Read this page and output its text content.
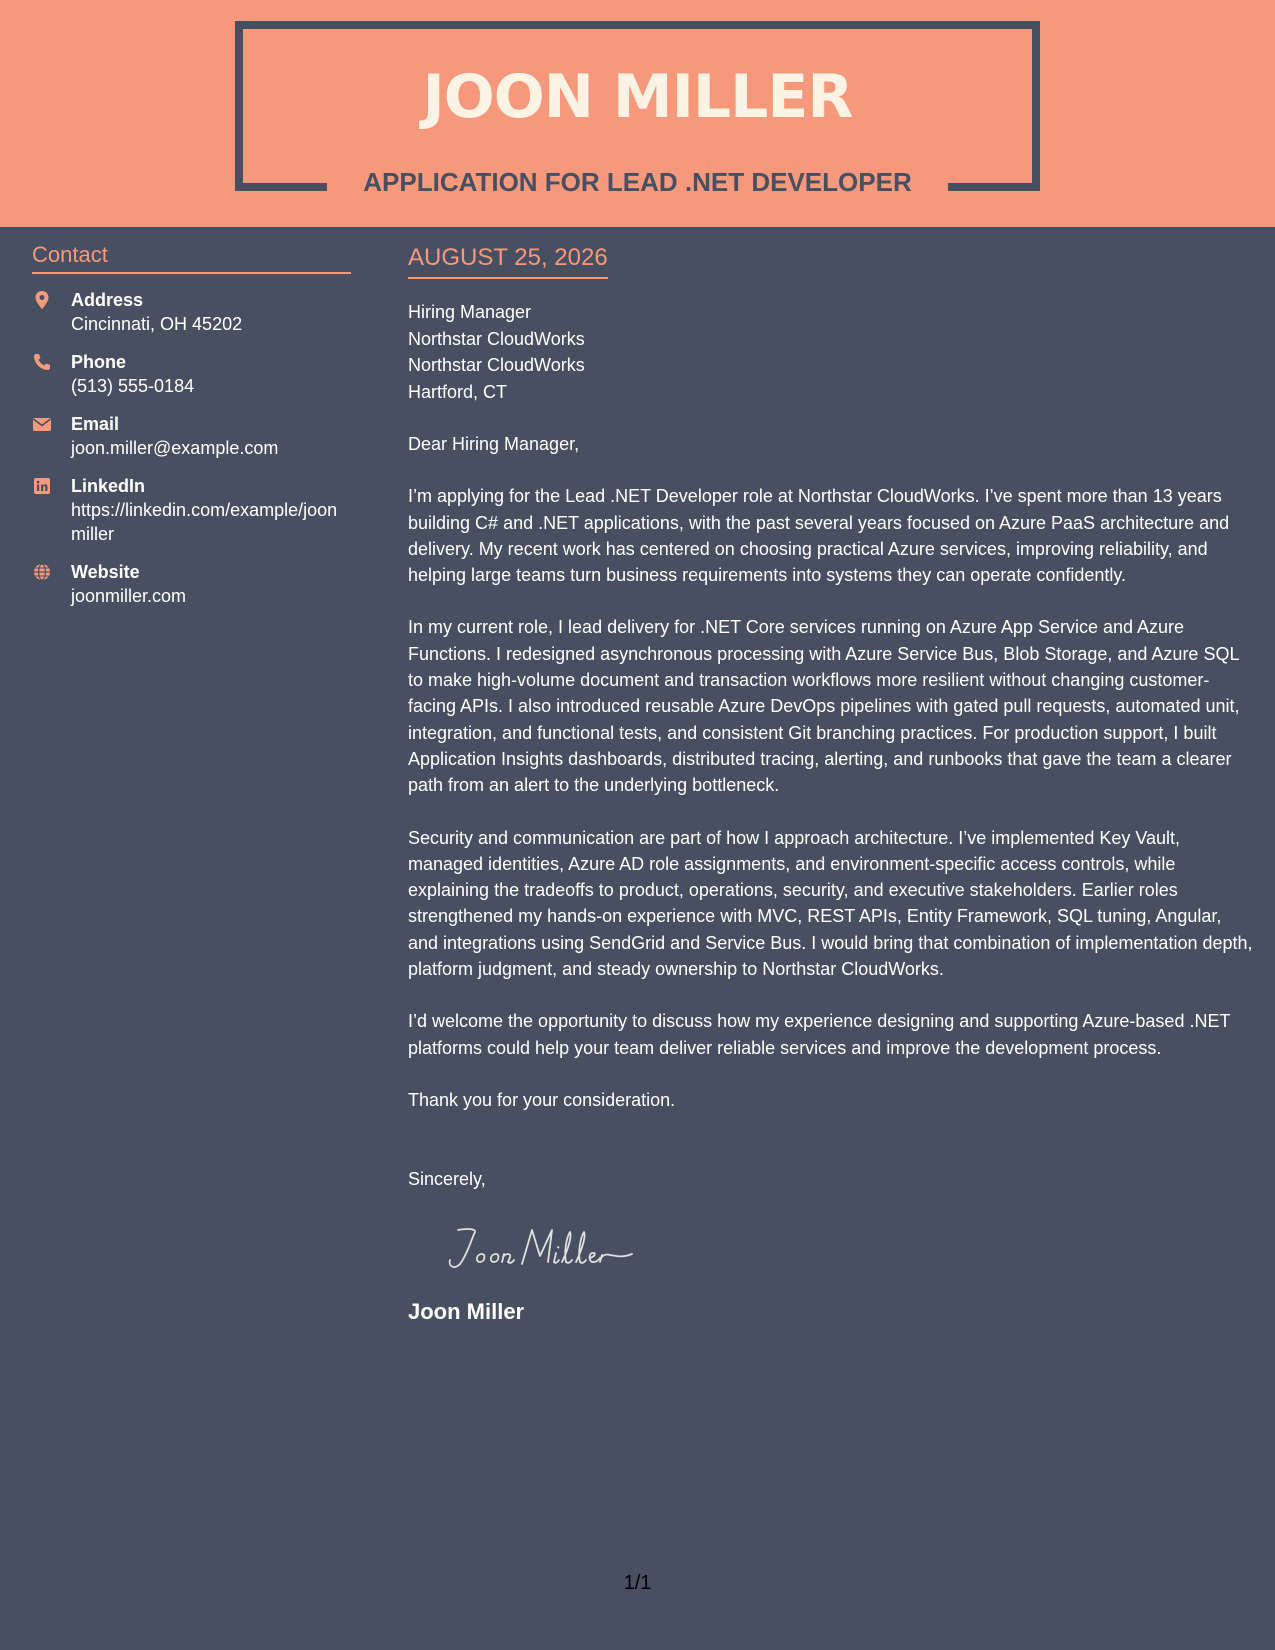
JOON MILLER
APPLICATION FOR LEAD .NET DEVELOPER
Contact
Address
Cincinnati, OH 45202
Phone
(513) 555-0184
Email
joon.miller@example.com
LinkedIn
https://linkedin.com/example/joonmiller
Website
joonmiller.com
AUGUST 25, 2026
Hiring Manager
Northstar CloudWorks
Northstar CloudWorks
Hartford, CT
Dear Hiring Manager,
I’m applying for the Lead .NET Developer role at Northstar CloudWorks. I’ve spent more than 13 years building C# and .NET applications, with the past several years focused on Azure PaaS architecture and delivery. My recent work has centered on choosing practical Azure services, improving reliability, and helping large teams turn business requirements into systems they can operate confidently.
In my current role, I lead delivery for .NET Core services running on Azure App Service and Azure Functions. I redesigned asynchronous processing with Azure Service Bus, Blob Storage, and Azure SQL to make high-volume document and transaction workflows more resilient without changing customer-facing APIs. I also introduced reusable Azure DevOps pipelines with gated pull requests, automated unit, integration, and functional tests, and consistent Git branching practices. For production support, I built Application Insights dashboards, distributed tracing, alerting, and runbooks that gave the team a clearer path from an alert to the underlying bottleneck.
Security and communication are part of how I approach architecture. I’ve implemented Key Vault, managed identities, Azure AD role assignments, and environment-specific access controls, while explaining the tradeoffs to product, operations, security, and executive stakeholders. Earlier roles strengthened my hands-on experience with MVC, REST APIs, Entity Framework, SQL tuning, Angular, and integrations using SendGrid and Service Bus. I would bring that combination of implementation depth, platform judgment, and steady ownership to Northstar CloudWorks.
I’d welcome the opportunity to discuss how my experience designing and supporting Azure-based .NET platforms could help your team deliver reliable services and improve the development process.
Thank you for your consideration.
Sincerely,
Joon Miller
1/1
